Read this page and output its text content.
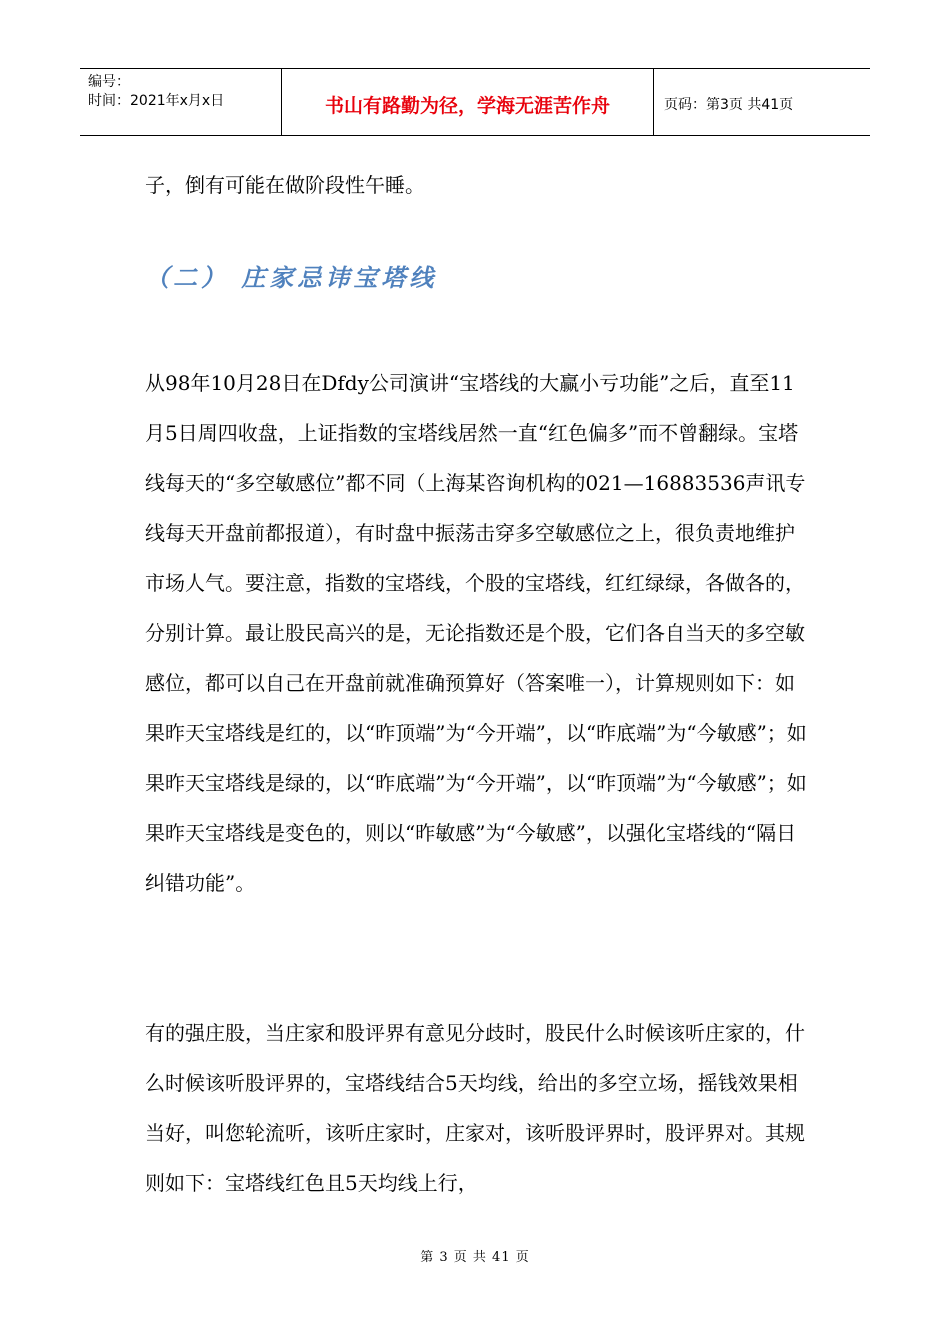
编号：
时间：2021年x月x日	书山有路勤为径，学海无涯苦作舟	页码：第3页 共41页
子，倒有可能在做阶段性午睡。
（二） 庄家忌讳宝塔线
从98年10月28日在Dfdy公司演讲“宝塔线的大赢小亏功能”之后，直至11月5日周四收盘，上证指数的宝塔线居然一直“红色偏多”而不曾翻绿。宝塔线每天的“多空敏感位”都不同（上海某咨询机构的021—16883536声讯专线每天开盘前都报道），有时盘中振荡击穿多空敏感位之上，很负责地维护市场人气。要注意，指数的宝塔线，个股的宝塔线，红红绿绿，各做各的，分别计算。最让股民高兴的是，无论指数还是个股，它们各自当天的多空敏感位，都可以自己在开盘前就准确预算好（答案唯一），计算规则如下：如果昨天宝塔线是红的，以“昨顶端”为“今开端”，以“昨底端”为“今敏感”；如果昨天宝塔线是绿的，以“昨底端”为“今开端”，以“昨顶端”为“今敏感”；如果昨天宝塔线是变色的，则以“昨敏感”为“今敏感”，以强化宝塔线的“隔日纠错功能”。
有的强庄股，当庄家和股评界有意见分歧时，股民什么时候该听庄家的，什么时候该听股评界的，宝塔线结合5天均线，给出的多空立场，摇钱效果相当好，叫您轮流听，该听庄家时，庄家对，该听股评界时，股评界对。其规则如下：宝塔线红色且5天均线上行，
第 3 页 共 41 页
